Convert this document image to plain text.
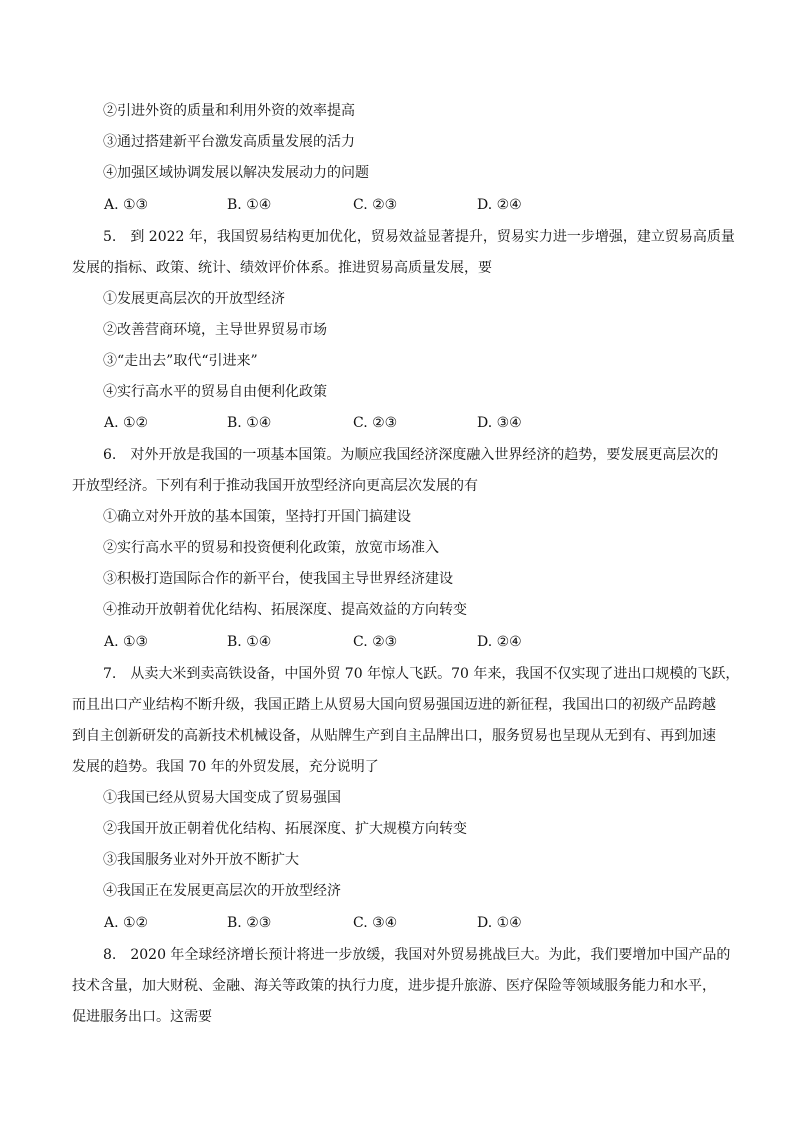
②引进外资的质量和利用外资的效率提高
③通过搭建新平台激发高质量发展的活力
④加强区域协调发展以解决发展动力的问题
A. ①③	B. ①④	C. ②③	D. ②④
5.　到 2022 年，我国贸易结构更加优化，贸易效益显著提升，贸易实力进一步增强，建立贸易高质量
发展的指标、政策、统计、绩效评价体系。推进贸易高质量发展，要
①发展更高层次的开放型经济
②改善营商环境，主导世界贸易市场
③“走出去”取代“引进来”
④实行高水平的贸易自由便利化政策
A. ①②	B. ①④	C. ②③	D. ③④
6.　对外开放是我国的一项基本国策。为顺应我国经济深度融入世界经济的趋势，要发展更高层次的
开放型经济。下列有利于推动我国开放型经济向更高层次发展的有
①确立对外开放的基本国策，坚持打开国门搞建设
②实行高水平的贸易和投资便利化政策，放宽市场准入
③积极打造国际合作的新平台，使我国主导世界经济建设
④推动开放朝着优化结构、拓展深度、提高效益的方向转变
A. ①③	B. ①④	C. ②③	D. ②④
7.　从卖大米到卖高铁设备，中国外贸 70 年惊人飞跃。70 年来，我国不仅实现了进出口规模的飞跃，
而且出口产业结构不断升级，我国正踏上从贸易大国向贸易强国迈进的新征程，我国出口的初级产品跨越
到自主创新研发的高新技术机械设备，从贴牌生产到自主品牌出口，服务贸易也呈现从无到有、再到加速
发展的趋势。我国 70 年的外贸发展，充分说明了
①我国已经从贸易大国变成了贸易强国
②我国开放正朝着优化结构、拓展深度、扩大规模方向转变
③我国服务业对外开放不断扩大
④我国正在发展更高层次的开放型经济
A. ①②	B. ②③	C. ③④	D. ①④
8.　2020 年全球经济增长预计将进一步放缓，我国对外贸易挑战巨大。为此，我们要增加中国产品的
技术含量，加大财税、金融、海关等政策的执行力度，进步提升旅游、医疗保险等领域服务能力和水平，
促进服务出口。这需要
